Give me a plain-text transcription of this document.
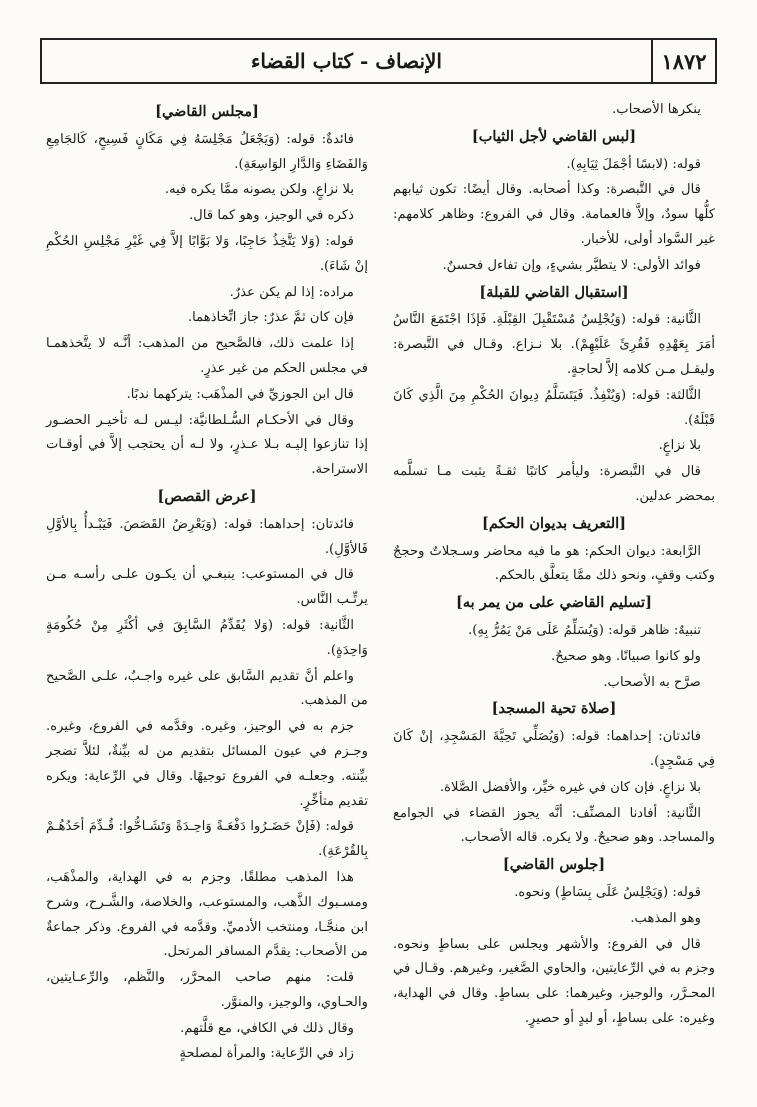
١٨٧٢
الإنصاف - كتاب القضاء

ينكرها الأصحاب.

[لبس القاضي لأجل الثياب]

قوله: (لابسًا أجْمَلَ ثِيَابِهِ).

قال في التَّبصرة: وكذا أصحابه. وقال أيضًا: تكون ثيابهم كلُّها سودٌ، وإلاَّ فالعمامة. وقال في الفروع: وظاهر كلامهم: غير السَّواد أولى، للأخبار.

فوائد الأولى: لا يتطيَّر بشيءٍ، وإن تفاءل فحسنٌ.

[استقبال القاضي للقبلة]

الثَّانية: قوله: (وَيُجْلِسُ مُسْتَقْبِلَ القِبْلَةِ. فَإذَا اجْتَمَعَ النَّاسُ أمَرَ بِعَهْدِهِ فَقُرِئَ عَلَيْهِمْ). بلا نـزاع. وقـال في التَّبصرة: وليقـل مـن كلامه إلاَّ لحاجةٍ.

الثَّالثة: قوله: (وَيُنْفِذُ. فَيَتَسَلَّمُ دِيوانَ الحُكْمِ مِنَ الَّذِي كَانَ قَبْلَهُ).

بلا نزاعٍ.

قال في التَّبصرة: وليأمر كاتبًا ثقـةً يثبت مـا تسلَّمه بمحضر عدلين.

[التعريف بديوان الحكم]

الرَّابعة: ديوان الحكم: هو ما فيه محاضر وسـجلاتٌ وحججٌ وكتب وقفٍ، ونحو ذلك ممَّا يتعلَّق بالحكم.

[تسليم القاضي على من يمر به]

تنبيهٌ: ظاهر قوله: (وَيُسَلِّمُ عَلَى مَنْ يَمُرُّ بِهِ).

ولو كانوا صبيانًا. وهو صحيحٌ.

صرَّح به الأصحاب.

[صلاة تحية المسجد]

فائدتان: إحداهما: قوله: (وَيُصَلِّي تَحِيَّةَ المَسْجِدِ، إنْ كَانَ فِي مَسْجِدٍ).

بلا نزاعٍ. فإن كان في غيره خيِّر، والأفضل الصَّلاة.

الثَّانية: أفادنا المصنِّف: أنَّه يجوز القضاء في الجوامع والمساجد. وهو صحيحٌ. ولا يكره. قاله الأصحاب.

[جلوس القاضي]

قوله: (وَيَجْلِسُ عَلَى بِسَاطٍ) ونحوه.

وهو المذهب.

قال في الفروع: والأشهر ويجلس على بساطٍ ونحوه. وجزم به في الرِّعايتين، والحاوي الصَّغير، وغيرهم. وقـال في المحـرَّر، والوجيز، وغيرهما: على بساطٍ. وقال في الهداية، وغيره: على بساطٍ، أو لبدٍ أو حصيرٍ.

[مجلس القاضي]

فائدةٌ: قوله: (وَيَجْعَلُ مَجْلِسَهُ فِي مَكَانٍ فَسِيحٍ، كَالجَامِعِ وَالفَضَاءِ وَالدَّارِ الوَاسِعَةِ).

بلا نزاعٍ. ولكن يصونه ممَّا يكره فيه.

ذكره في الوجيز، وهو كما قال.

قوله: (وَلا يَتَّخِذُ حَاجِبًا، وَلا بَوَّابًا إلاَّ فِي غَيْرِ مَجْلِسِ الحُكْمِ إنْ شَاءَ).

مراده: إذا لم يكن عذرٌ.

فإن كان ثمَّ عذرٌ: جاز اتِّخاذهما.

إذا علمت ذلك، فالصَّحيح من المذهب: أنَّـه لا يتَّخذهمـا في مجلس الحكم من غير عذرٍ.

قال ابن الجوزيِّ في المذْهَب: يتركهما ندبًا.

وقال في الأحكـام السُّـلطانيَّة: ليـس لـه تأخيـر الحضـور إذا تنازعوا إليـه بـلا عـذرٍ، ولا لـه أن يحتجب إلاَّ في أوقـات الاستراحة.

[عرض القصص]

فائدتان: إحداهما: قوله: (وَيَعْرِضُ القَصَصَ. فَيَبْـدأُ بِالأوَّلِ فَالأوَّلِ).

قال في المستوعب: ينبغـي أن يكـون علـى رأسـه مـن يرتِّـب النَّاس.

الثَّانية: قوله: (وَلا يُقَدِّمُ السَّابِقَ فِي أكْثَرِ مِنْ حُكُومَةٍ وَاحِدَةٍ).

واعلم أنَّ تقديم السَّابق على غيره واجـبٌ، علـى الصَّحيح من المذهب.

جزم به في الوجيز، وغيره. وقدَّمه في الفروع، وغيره. وجـزم في عيون المسائل بتقديم من له بيِّنةٌ، لئلاَّ تضجر بيِّنته. وجعلـه في الفروع توجيهًا. وقال في الرِّعاية: ويكره تقديم متأخِّرٍ.

قوله: (فَإنْ حَضَـرُوا دَفْعَـةً وَاحِـدَةً وَتَشَـاحُّوا: قُـدِّمَ أحَدُهُـمْ بِالقُرْعَةِ).

هذا المذهب مطلقًا. وجزم به في الهداية، والمذْهَب، ومسـبوك الذَّهب، والمستوعب، والخلاصة، والشَّـرح، وشرح ابن منجَّـا، ومنتخب الأدميِّ. وقدَّمه في الفروع. وذكر جماعةٌ من الأصحاب: يقدَّم المسافر المرتحل.

قلت: منهم صاحب المحرَّر، والنَّظم، والرِّعـايتين، والحـاوي، والوجيز، والمنوَّر.

وقال ذلك في الكافي، مع قلَّتهم.

زاد في الرِّعاية: والمرأة لمصلحةٍ
